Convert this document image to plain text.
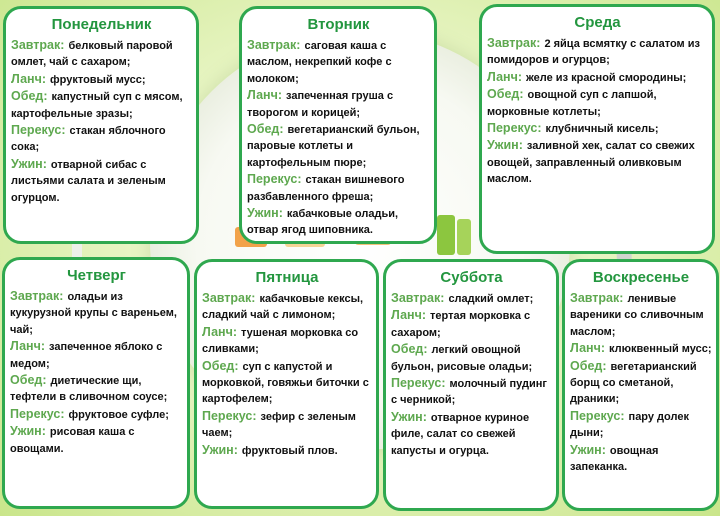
Понедельник
Завтрак: белковый паровой омлет, чай с сахаром;
Ланч: фруктовый мусс;
Обед: капустный суп с мясом, картофельные зразы;
Перекус: стакан яблочного сока;
Ужин: отварной сибас с листьями салата и зеленым огурцом.
Вторник
Завтрак: саговая каша с маслом, некрепкий кофе с молоком;
Ланч: запеченная груша с творогом и корицей;
Обед: вегетарианский бульон, паровые котлеты и картофельным пюре;
Перекус: стакан вишневого разбавленного фреша;
Ужин: кабачковые оладьи, отвар ягод шиповника.
Среда
Завтрак: 2 яйца всмятку с салатом из помидоров и огурцов;
Ланч: желе из красной смородины;
Обед: овощной суп с лапшой, морковные котлеты;
Перекус: клубничный кисель;
Ужин: заливной хек, салат со свежих овощей, заправленный оливковым маслом.
Четверг
Завтрак: оладьи из кукурузной крупы с вареньем, чай;
Ланч: запеченное яблоко с медом;
Обед: диетические щи, тефтели в сливочном соусе;
Перекус: фруктовое суфле;
Ужин: рисовая каша с овощами.
Пятница
Завтрак: кабачковые кексы, сладкий чай с лимоном;
Ланч: тушеная морковка со сливками;
Обед: суп с капустой и морковкой, говяжьи биточки с картофелем;
Перекус: зефир с зеленым чаем;
Ужин: фруктовый плов.
Суббота
Завтрак: сладкий омлет;
Ланч: тертая морковка с сахаром;
Обед: легкий овощной бульон, рисовые оладьи;
Перекус: молочный пудинг с черникой;
Ужин: отварное куриное филе, салат со свежей капусты и огурца.
Воскресенье
Завтрак: ленивые вареники со сливочным маслом;
Ланч: клюквенный мусс;
Обед: вегетарианский борщ со сметаной, драники;
Перекус: пару долек дыни;
Ужин: овощная запеканка.
